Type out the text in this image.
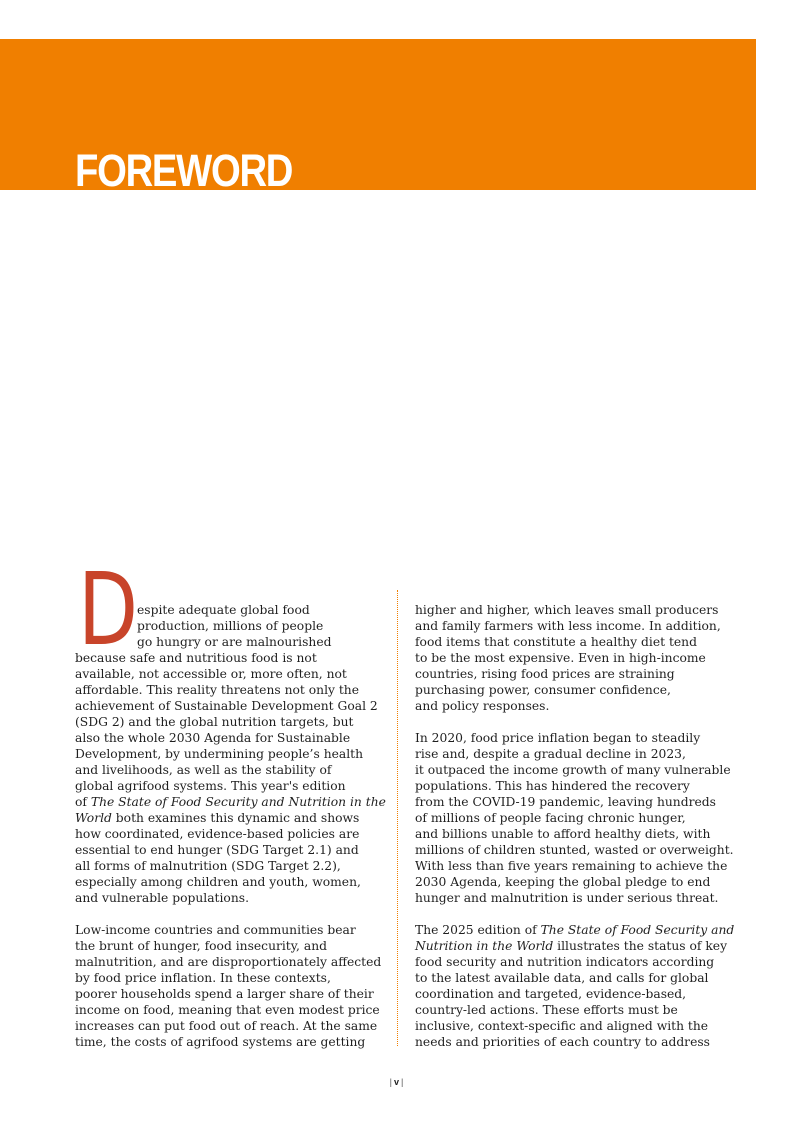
FOREWORD
D
espite adequate global food
production, millions of people
go hungry or are malnourished
because safe and nutritious food is not
available, not accessible or, more often, not
affordable. This reality threatens not only the
achievement of Sustainable Development Goal 2
(SDG 2) and the global nutrition targets, but
also the whole 2030 Agenda for Sustainable
Development, by undermining people’s health
and livelihoods, as well as the stability of
global agrifood systems. This year's edition
of The State of Food Security and Nutrition in the
World both examines this dynamic and shows
how coordinated, evidence-based policies are
essential to end hunger (SDG Target 2.1) and
all forms of malnutrition (SDG Target 2.2),
especially among children and youth, women,
and vulnerable populations.
Low-income countries and communities bear
the brunt of hunger, food insecurity, and
malnutrition, and are disproportionately affected
by food price inflation. In these contexts,
poorer households spend a larger share of their
income on food, meaning that even modest price
increases can put food out of reach. At the same
time, the costs of agrifood systems are getting
higher and higher, which leaves small producers
and family farmers with less income. In addition,
food items that constitute a healthy diet tend
to be the most expensive. Even in high-income
countries, rising food prices are straining
purchasing power, consumer confidence,
and policy responses.
In 2020, food price inflation began to steadily
rise and, despite a gradual decline in 2023,
it outpaced the income growth of many vulnerable
populations. This has hindered the recovery
from the COVID-19 pandemic, leaving hundreds
of millions of people facing chronic hunger,
and billions unable to afford healthy diets, with
millions of children stunted, wasted or overweight.
With less than five years remaining to achieve the
2030 Agenda, keeping the global pledge to end
hunger and malnutrition is under serious threat.
The 2025 edition of The State of Food Security and
Nutrition in the World illustrates the status of key
food security and nutrition indicators according
to the latest available data, and calls for global
coordination and targeted, evidence-based,
country-led actions. These efforts must be
inclusive, context-specific and aligned with the
needs and priorities of each country to address
| v |
